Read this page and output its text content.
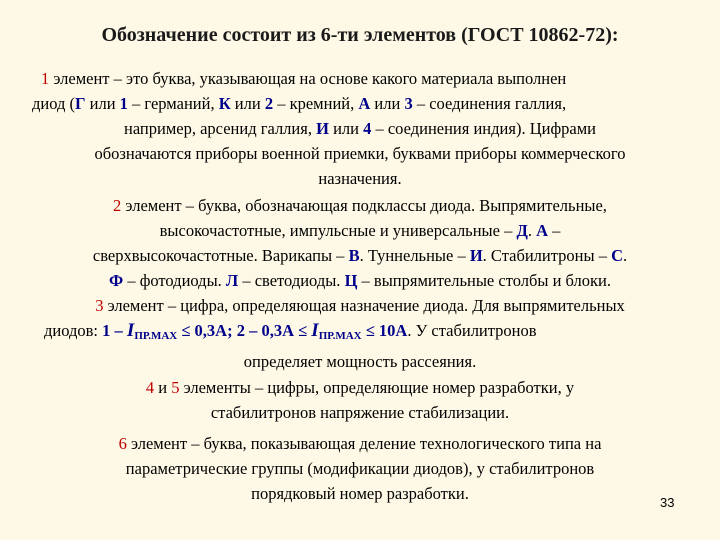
Обозначение состоит из 6-ти элементов (ГОСТ 10862-72):
1 элемент – это буква, указывающая на основе какого материала выполнен
диод (Г или 1 – германий, К или 2 – кремний, А или 3 – соединения галлия,
например, арсенид галлия, И или 4 – соединения индия). Цифрами
обозначаются приборы военной приемки, буквами приборы коммерческого
назначения.
2 элемент – буква, обозначающая подклассы диода. Выпрямительные,
высокочастотные, импульсные и универсальные – Д. А –
сверхвысокочастотные. Варикапы – В. Туннельные – И. Стабилитроны – С.
Ф – фотодиоды. Л – светодиоды. Ц – выпрямительные столбы и блоки.
3 элемент – цифра, определяющая назначение диода. Для выпрямительных
диодов: $1 - I_{ПР.МАХ} \le 0,3А$; $2 - 0,3А \le I_{ПР.МАХ} \le 10А$. У стабилитронов
определяет мощность рассеяния.
4 и 5 элементы – цифры, определяющие номер разработки, у
стабилитронов напряжение стабилизации.
6 элемент – буква, показывающая деление технологического типа на
параметрические группы (модификации диодов), у стабилитронов
порядковый номер разработки.	33
